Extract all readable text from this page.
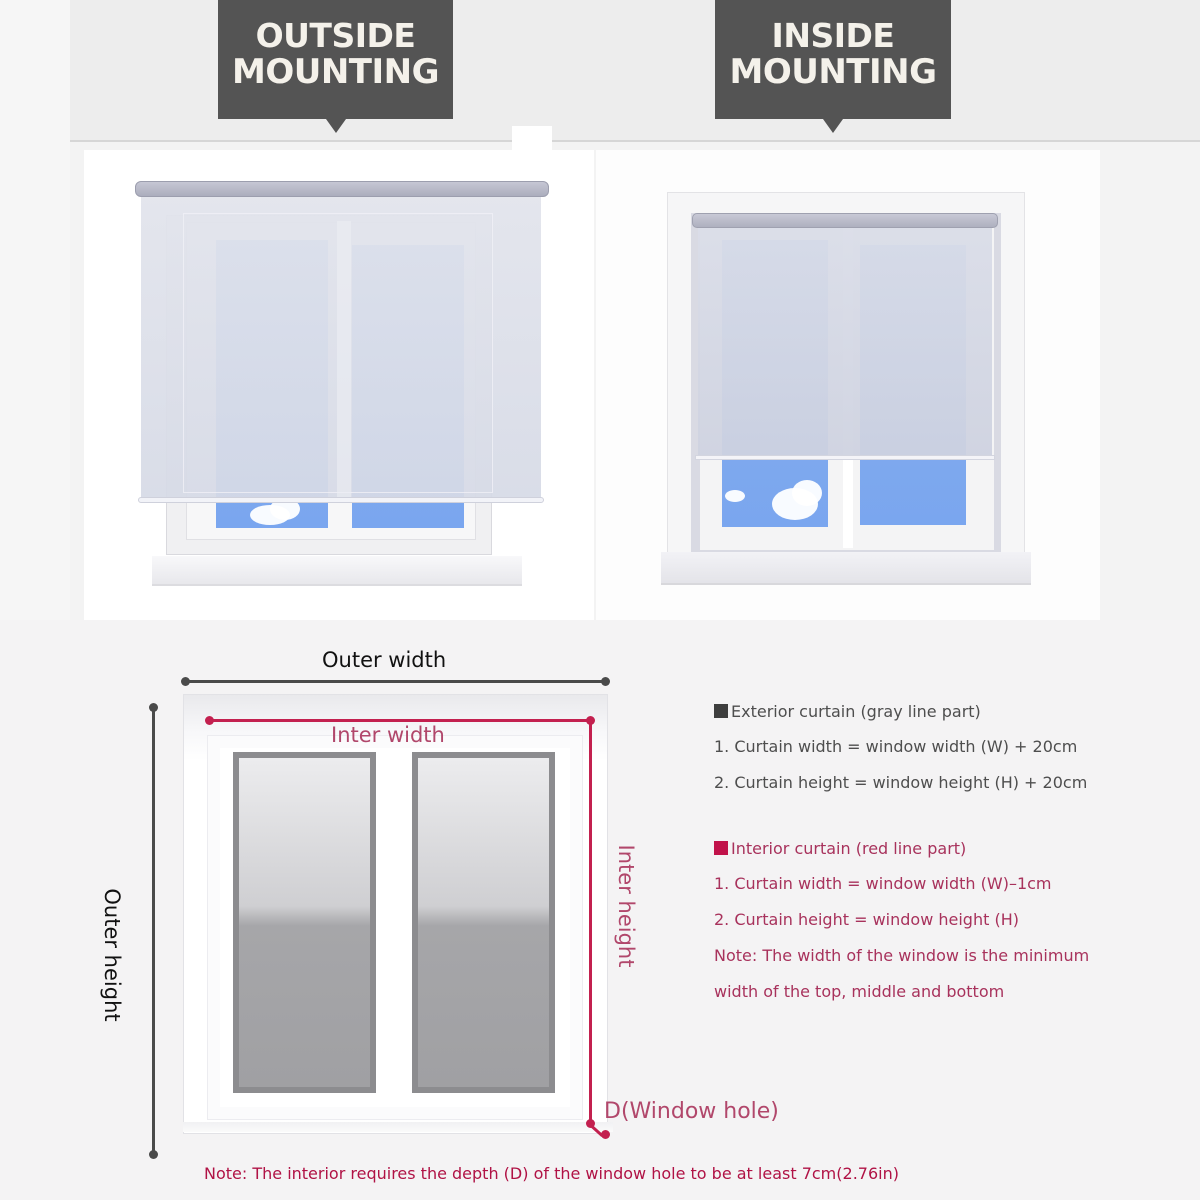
OUTSIDE
MOUNTING
INSIDE
MOUNTING
Outer width
Outer height
Inter width
Inter height
D(Window hole)
Exterior curtain (gray line part)
1. Curtain width = window width (W) + 20cm
2. Curtain height = window height (H) + 20cm
Interior curtain (red line part)
1. Curtain width = window width (W)–1cm
2. Curtain height = window height (H)
Note: The width of the window is the minimum
width of the top, middle and bottom
Note: The interior requires the depth (D) of the window hole to be at least 7cm(2.76in)
